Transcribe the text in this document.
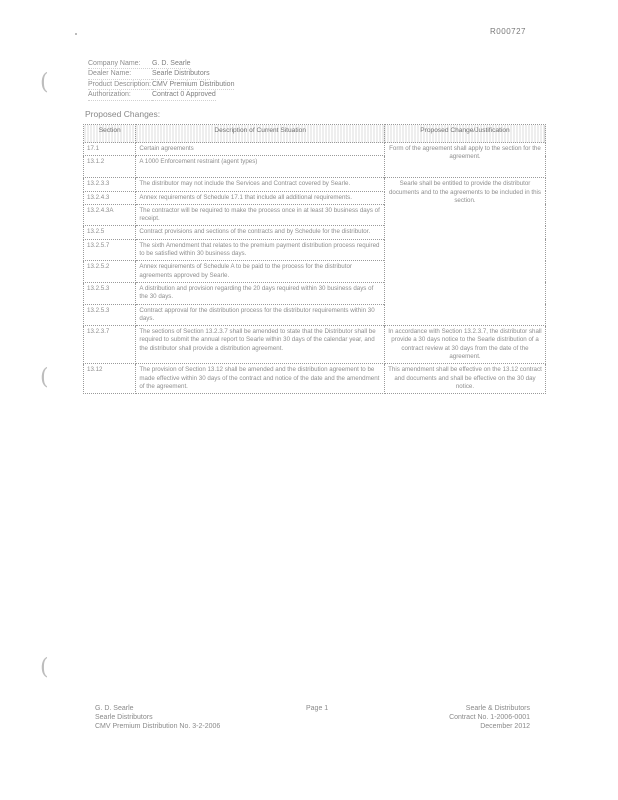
R000727
(
(
(
Company Name:	G. D. Searle
Dealer Name:	Searle Distributors
Product Description: CMV Premium Distribution
Authorization:	Contract 0 Approved
Proposed Changes:
Section	Description of Current Situation	Proposed Change/Justification
17.1	Certain agreements	Form of the agreement shall apply to the section for the agreement.
13.1.2	A 1000 Enforcement restraint (agent types)	
13.2.3.3	The distributor may not include the Services and Contract covered by Searle.	Searle shall be entitled to provide the distributor documents and to the agreements to be included in this section.
13.2.4.3	Annex requirements of Schedule 17.1 that include all additional requirements.	
13.2.4.3A	The contractor will be required to make the process once in at least 30 business days of receipt.	
13.2.5	Contract provisions and sections of the contracts and by Schedule for the distributor.	
13.2.5.7	The sixth Amendment that relates to the premium payment distribution process required to be satisfied within 30 business days.	
13.2.5.2	Annex requirements of Schedule A to be paid to the process for the distributor agreements approved by Searle.	
13.2.5.3	A distribution and provision regarding the 20 days required within 30 business days of the 30 days.	
13.2.5.3	Contract approval for the distribution process for the distributor requirements within 30 days.	
13.2.3.7	The sections of Section 13.2.3.7 shall be amended to state that the Distributor shall be required to submit the annual report to Searle within 30 days of the calendar year, and the distributor shall provide a distribution agreement.	In accordance with Section 13.2.3.7, the distributor shall provide a 30 days notice to the Searle distribution of a contract review at 30 days from the date of the agreement.
13.12	The provision of Section 13.12 shall be amended and the distribution agreement to be made effective within 30 days of the contract and notice of the date and the amendment of the agreement.	This amendment shall be effective on the 13.12 contract and documents and shall be effective on the 30 day notice.
G. D. Searle
Searle Distributors
CMV Premium Distribution No. 3-2-2006
Page 1	Searle & Distributors
Contract No. 1-2006-0001
December 2012
